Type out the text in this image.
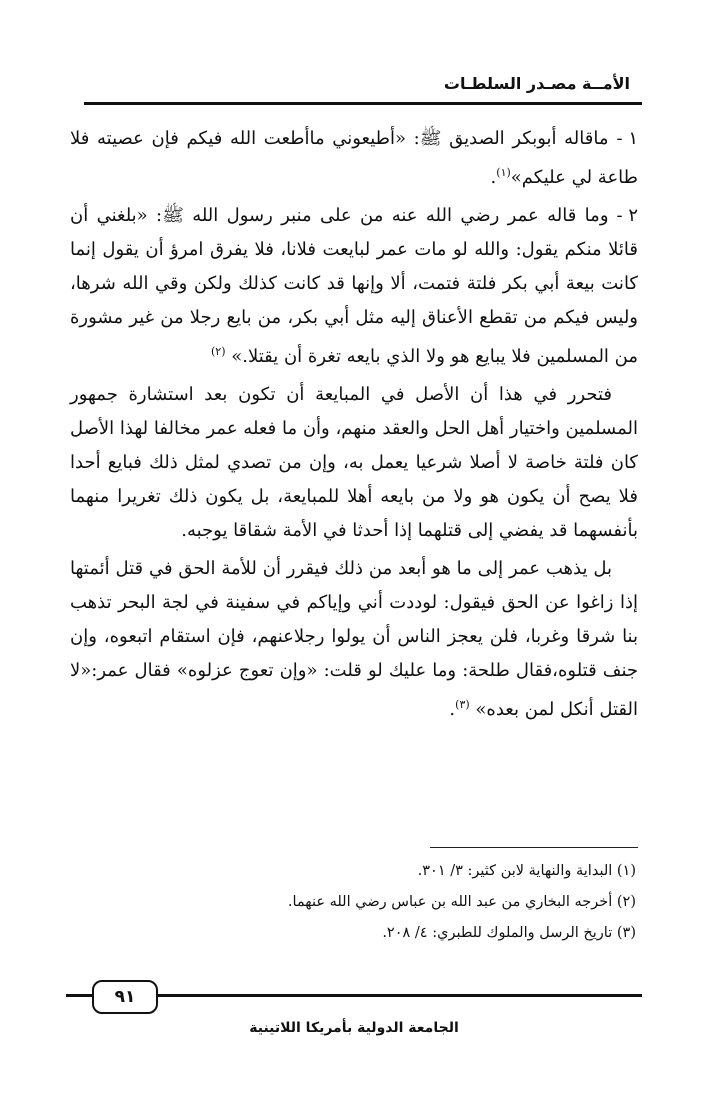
الأمــة مصـدر السلطـات

١ -ماقاله أبوبكر الصديق ﷺ: «أطيعوني ماأطعت الله فيكم فإن عصيته فلا طاعة لي عليكم»$^{(١)}$.

٢ -وما قاله عمر رضي الله عنه من على منبر رسول الله ﷺ: «بلغني أن قائلا منكم يقول: والله لو مات عمر لبايعت فلانا، فلا يفرق امرؤ أن يقول إنما كانت بيعة أبي بكر فلتة فتمت، ألا وإنها قد كانت كذلك ولكن وقي الله شرها، وليس فيكم من تقطع الأعناق إليه مثل أبي بكر، من بايع رجلا من غير مشورة من المسلمين فلا يبايع هو ولا الذي بايعه تغرة أن يقتلا.» $^{(٢)}$

فتحرر في هذا أن الأصل في المبايعة أن تكون بعد استشارة جمهور المسلمين واختيار أهل الحل والعقد منهم، وأن ما فعله عمر مخالفا لهذا الأصل كان فلتة خاصة لا أصلا شرعيا يعمل به، وإن من تصدي لمثل ذلك فبايع أحدا فلا يصح أن يكون هو ولا من بايعه أهلا للمبايعة، بل يكون ذلك تغريرا منهما بأنفسهما قد يفضي إلى قتلهما إذا أحدثا في الأمة شقاقا يوجبه.

بل يذهب عمر إلى ما هو أبعد من ذلك فيقرر أن للأمة الحق في قتل أئمتها إذا زاغوا عن الحق فيقول: لوددت أني وإياكم في سفينة في لجة البحر تذهب بنا شرقا وغربا، فلن يعجز الناس أن يولوا رجلاعنهم، فإن استقام اتبعوه، وإن جنف قتلوه،فقال طلحة: وما عليك لو قلت: «وإن تعوج عزلوه» فقال عمر:«لا القتل أنكل لمن بعده» $^{(٣)}$.

(١) البداية والنهاية لابن كثير: ٣/ ٣٠١.
(٢) أخرجه البخاري من عبد الله بن عباس رضي الله عنهما.
(٣) تاريخ الرسل والملوك للطبري: ٤/ ٢٠٨.
٩١
الجامعة الدولية بأمريكا اللاتينية
